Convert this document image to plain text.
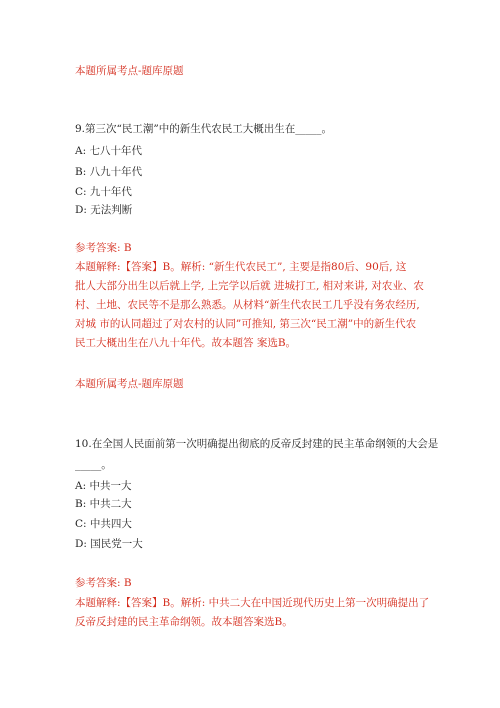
本题所属考点-题库原题
9.第三次“民工潮”中的新生代农民工大概出生在_____。
A: 七八十年代
B: 八九十年代
C: 九十年代
D: 无法判断
参考答案: B
本题解释:【答案】B。解析: “新生代农民工”, 主要是指80后、90后, 这
批人大部分出生以后就上学, 上完学以后就 进城打工, 相对来讲, 对农业、农
村、土地、农民等不是那么熟悉。从材料“新生代农民工几乎没有务农经历,
对城 市的认同超过了对农村的认同”可推知, 第三次“民工潮”中的新生代农
民工大概出生在八九十年代。故本题答 案选B。
本题所属考点-题库原题
10.在全国人民面前第一次明确提出彻底的反帝反封建的民主革命纲领的大会是
_____。
A: 中共一大
B: 中共二大
C: 中共四大
D: 国民党一大
参考答案: B
本题解释:【答案】B。解析: 中共二大在中国近现代历史上第一次明确提出了
反帝反封建的民主革命纲领。故本题答案选B。
